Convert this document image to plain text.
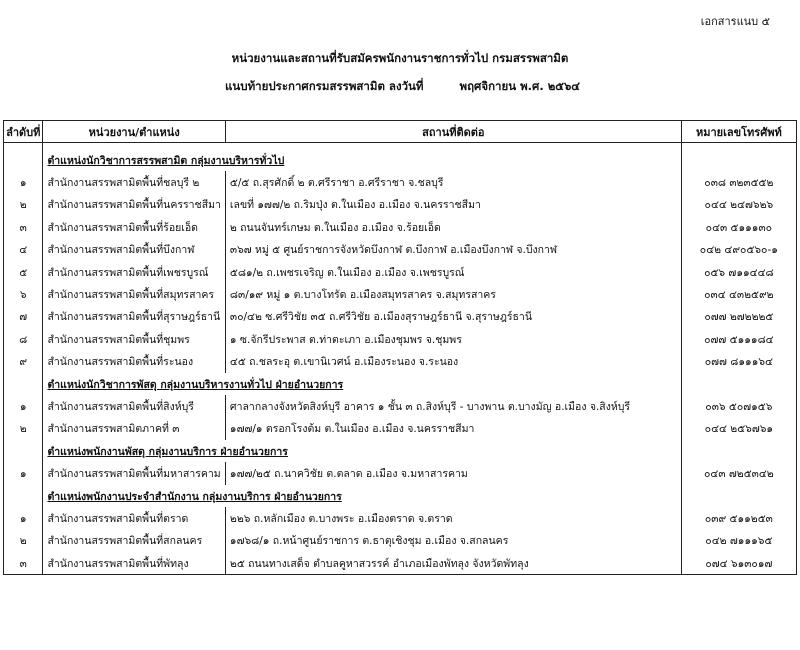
เอกสารแนบ ๕
หน่วยงานและสถานที่รับสมัครพนักงานราชการทั่วไป กรมสรรพสามิต
แนบท้ายประกาศกรมสรรพสามิต ลงวันที่	พฤศจิกายน พ.ศ. ๒๕๖๔
ลำดับที่	หน่วยงาน/ตำแหน่ง	สถานที่ติดต่อ	หมายเลขโทรศัพท์
	ตำแหน่งนักวิชาการสรรพสามิต กลุ่มงานบริหารทั่วไป		
๑	สำนักงานสรรพสามิตพื้นที่ชลบุรี ๒	๕/๕ ถ.สุรศักดิ์ ๒ ต.ศรีราชา อ.ศรีราชา จ.ชลบุรี	๐๓๘ ๓๒๓๕๕๒
๒	สำนักงานสรรพสามิตพื้นที่นครราชสีมา	เลขที่ ๑๗๗/๒ ถ.ริมปุ่ง ต.ในเมือง อ.เมือง จ.นครราชสีมา	๐๔๔ ๒๔๗๖๒๖
๓	สำนักงานสรรพสามิตพื้นที่ร้อยเอ็ด	๒ ถนนจันทร์เกษม ต.ในเมือง อ.เมือง จ.ร้อยเอ็ด	๐๔๓ ๕๑๑๑๓๐
๔	สำนักงานสรรพสามิตพื้นที่บึงกาฬ	๓๖๗ หมู่ ๕ ศูนย์ราชการจังหวัดบึงกาฬ ต.บึงกาฬ อ.เมืองบึงกาฬ จ.บึงกาฬ	๐๔๒ ๔๙๐๕๖๐-๑
๕	สำนักงานสรรพสามิตพื้นที่เพชรบูรณ์	๕๘๑/๒ ถ.เพชรเจริญ ต.ในเมือง อ.เมือง จ.เพชรบูรณ์	๐๕๖ ๗๑๑๔๔๘
๖	สำนักงานสรรพสามิตพื้นที่สมุทรสาคร	๘๓/๑๙ หมู่ ๑ ต.บางโทรัด อ.เมืองสมุทรสาคร จ.สมุทรสาคร	๐๓๔ ๔๓๒๕๙๒
๗	สำนักงานสรรพสามิตพื้นที่สุราษฎร์ธานี	๓๐/๔๒ ซ.ศรีวิชัย ๓๕ ถ.ศรีวิชัย อ.เมืองสุราษฎร์ธานี จ.สุราษฎร์ธานี	๐๗๗ ๒๗๒๒๒๕
๘	สำนักงานสรรพสามิตพื้นที่ชุมพร	๑ ซ.จักรีประพาส ต.ท่าตะเภา อ.เมืองชุมพร จ.ชุมพร	๐๗๗ ๕๑๑๑๘๔
๙	สำนักงานสรรพสามิตพื้นที่ระนอง	๔๕ ถ.ชลระอุ ต.เขานิเวศน์ อ.เมืองระนอง จ.ระนอง	๐๗๗ ๘๑๑๑๖๔
	ตำแหน่งนักวิชาการพัสดุ กลุ่มงานบริหารงานทั่วไป ฝ่ายอำนวยการ		
๑	สำนักงานสรรพสามิตพื้นที่สิงห์บุรี	ศาลากลางจังหวัดสิงห์บุรี อาคาร ๑ ชั้น ๓ ถ.สิงห์บุรี - บางพาน ต.บางมัญ อ.เมือง จ.สิงห์บุรี	๐๓๖ ๕๐๗๑๕๖
๒	สำนักงานสรรพสามิตภาคที่ ๓	๑๗๗/๑ ตรอกโรงต้ม ต.ในเมือง อ.เมือง จ.นครราชสีมา	๐๔๔ ๒๕๖๗๖๑
	ตำแหน่งพนักงานพัสดุ กลุ่มงานบริการ ฝ่ายอำนวยการ		
๑	สำนักงานสรรพสามิตพื้นที่มหาสารคาม	๑๗๗/๒๕ ถ.นาควิชัย ต.ตลาด อ.เมือง จ.มหาสารคาม	๐๔๓ ๗๒๕๓๔๒
	ตำแหน่งพนักงานประจำสำนักงาน กลุ่มงานบริการ ฝ่ายอำนวยการ		
๑	สำนักงานสรรพสามิตพื้นที่ตราด	๒๒๖ ถ.หลักเมือง ต.บางพระ อ.เมืองตราด จ.ตราด	๐๓๙ ๕๑๑๒๕๓
๒	สำนักงานสรรพสามิตพื้นที่สกลนคร	๑๗๖๘/๑ ถ.หน้าศูนย์ราชการ ต.ธาตุเชิงชุม อ.เมือง จ.สกลนคร	๐๔๒ ๗๑๑๑๖๕
๓	สำนักงานสรรพสามิตพื้นที่พัทลุง	๒๕ ถนนทางเสด็จ ตำบลคูหาสวรรค์ อำเภอเมืองพัทลุง จังหวัดพัทลุง	๐๗๔ ๖๑๓๐๑๗
